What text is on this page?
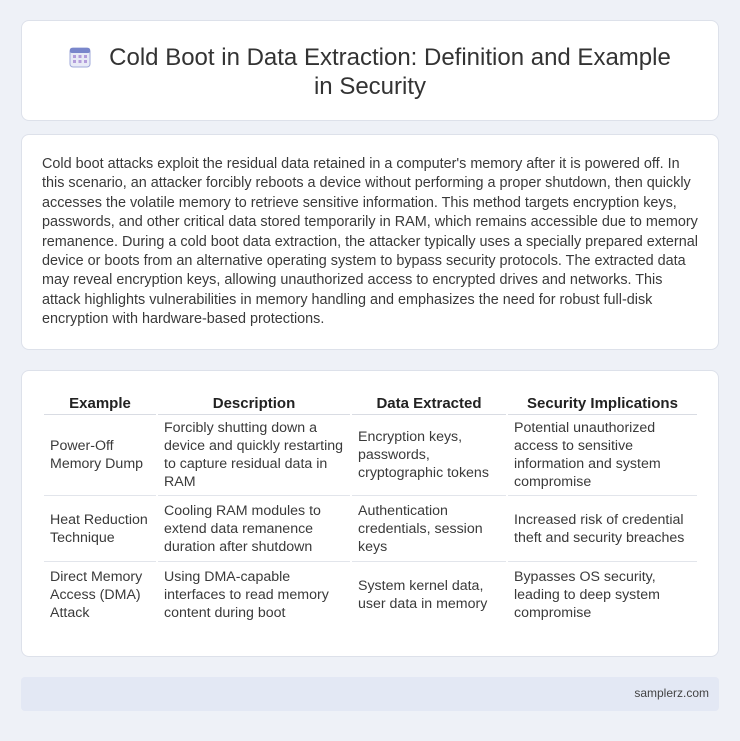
Cold Boot in Data Extraction: Definition and Example in Security

Cold boot attacks exploit the residual data retained in a computer's memory after it is powered off. In this scenario, an attacker forcibly reboots a device without performing a proper shutdown, then quickly accesses the volatile memory to retrieve sensitive information. This method targets encryption keys, passwords, and other critical data stored temporarily in RAM, which remains accessible due to memory remanence. During a cold boot data extraction, the attacker typically uses a specially prepared external device or boots from an alternative operating system to bypass security protocols. The extracted data may reveal encryption keys, allowing unauthorized access to encrypted drives and networks. This attack highlights vulnerabilities in memory handling and emphasizes the need for robust full-disk encryption with hardware-based protections.

Example	Description	Data Extracted	Security Implications
Power-Off Memory Dump	Forcibly shutting down a device and quickly restarting to capture residual data in RAM	Encryption keys, passwords, cryptographic tokens	Potential unauthorized access to sensitive information and system compromise
Heat Reduction Technique	Cooling RAM modules to extend data remanence duration after shutdown	Authentication credentials, session keys	Increased risk of credential theft and security breaches
Direct Memory Access (DMA) Attack	Using DMA-capable interfaces to read memory content during boot	System kernel data, user data in memory	Bypasses OS security, leading to deep system compromise
samplerz.com
